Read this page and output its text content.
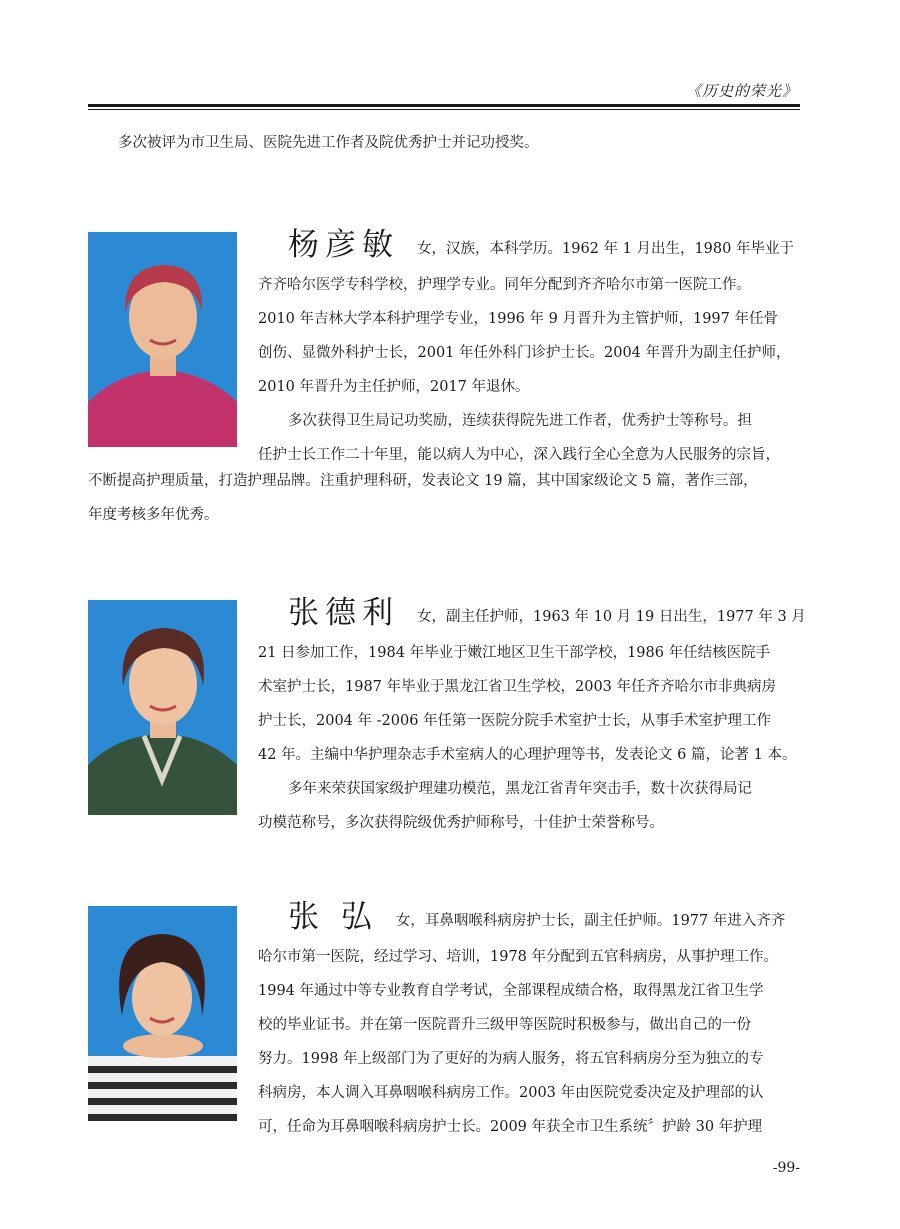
《历史的荣光》

多次被评为市卫生局、医院先进工作者及院优秀护士并记功授奖。

杨彦敏 女，汉族，本科学历。1962 年 1 月出生，1980 年毕业于
齐齐哈尔医学专科学校，护理学专业。同年分配到齐齐哈尔市第一医院工作。
2010 年吉林大学本科护理学专业，1996 年 9 月晋升为主管护师，1997 年任骨
创伤、显微外科护士长，2001 年任外科门诊护士长。2004 年晋升为副主任护师，
2010 年晋升为主任护师，2017 年退休。
多次获得卫生局记功奖励，连续获得院先进工作者，优秀护士等称号。担
任护士长工作二十年里，能以病人为中心，深入践行全心全意为人民服务的宗旨，
不断提高护理质量，打造护理品牌。注重护理科研，发表论文 19 篇，其中国家级论文 5 篇，著作三部，
年度考核多年优秀。
张德利 女，副主任护师，1963 年 10 月 19 日出生，1977 年 3 月
21 日参加工作，1984 年毕业于嫩江地区卫生干部学校，1986 年任结核医院手
术室护士长，1987 年毕业于黑龙江省卫生学校，2003 年任齐齐哈尔市非典病房
护士长，2004 年 -2006 年任第一医院分院手术室护士长，从事手术室护理工作
42 年。主编中华护理杂志手术室病人的心理护理等书，发表论文 6 篇，论著 1 本。
多年来荣获国家级护理建功模范，黑龙江省青年突击手，数十次获得局记
功模范称号，多次获得院级优秀护师称号，十佳护士荣誉称号。
张 弘 女，耳鼻咽喉科病房护士长，副主任护师。1977 年进入齐齐
哈尔市第一医院，经过学习、培训，1978 年分配到五官科病房，从事护理工作。
1994 年通过中等专业教育自学考试，全部课程成绩合格，取得黑龙江省卫生学
校的毕业证书。并在第一医院晋升三级甲等医院时积极参与，做出自己的一份
努力。1998 年上级部门为了更好的为病人服务，将五官科病房分至为独立的专
科病房，本人调入耳鼻咽喉科病房工作。2003 年由医院党委决定及护理部的认
可，任命为耳鼻咽喉科病房护士长。2009 年获全市卫生系统〞护龄 30 年护理
-99-
